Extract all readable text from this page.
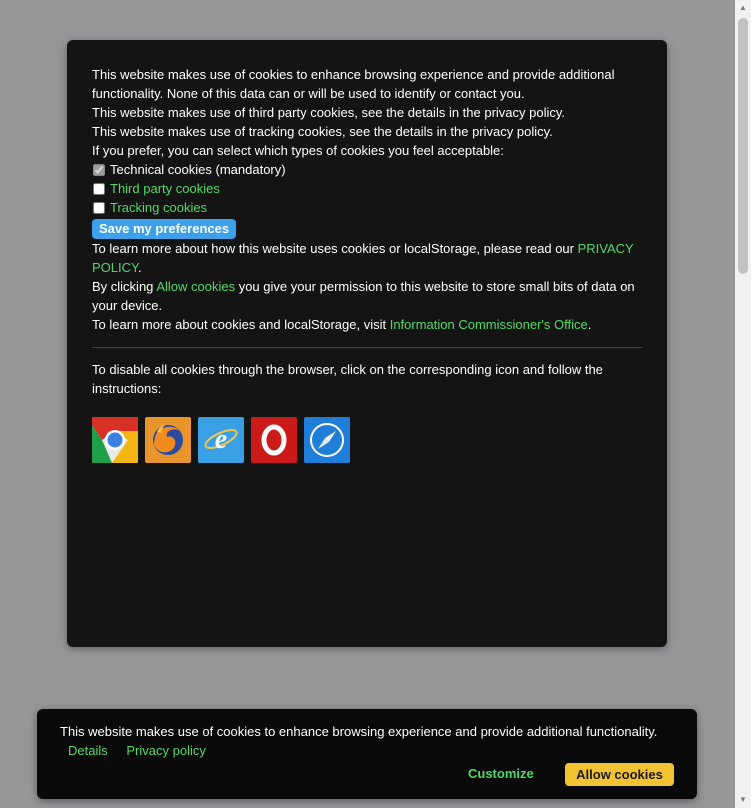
▲
▼

This website makes use of cookies to enhance browsing experience and provide additional functionality. None of this data can or will be used to identify or contact you.

This website makes use of third party cookies, see the details in the privacy policy.

This website makes use of tracking cookies, see the details in the privacy policy.

If you prefer, you can select which types of cookies you feel acceptable:

Technical cookies (mandatory)
Third party cookies
Tracking cookies
Save my preferences

To learn more about how this website uses cookies or localStorage, please read our PRIVACY POLICY.

By clicking Allow cookies you give your permission to this website to store small bits of data on your device.

To learn more about cookies and localStorage, visit Information Commissioner's Office.

To disable all cookies through the browser, click on the corresponding icon and follow the instructions:

e
This website makes use of cookies to enhance browsing experience and provide additional functionality.
Details Privacy policy
Customize	Allow cookies
